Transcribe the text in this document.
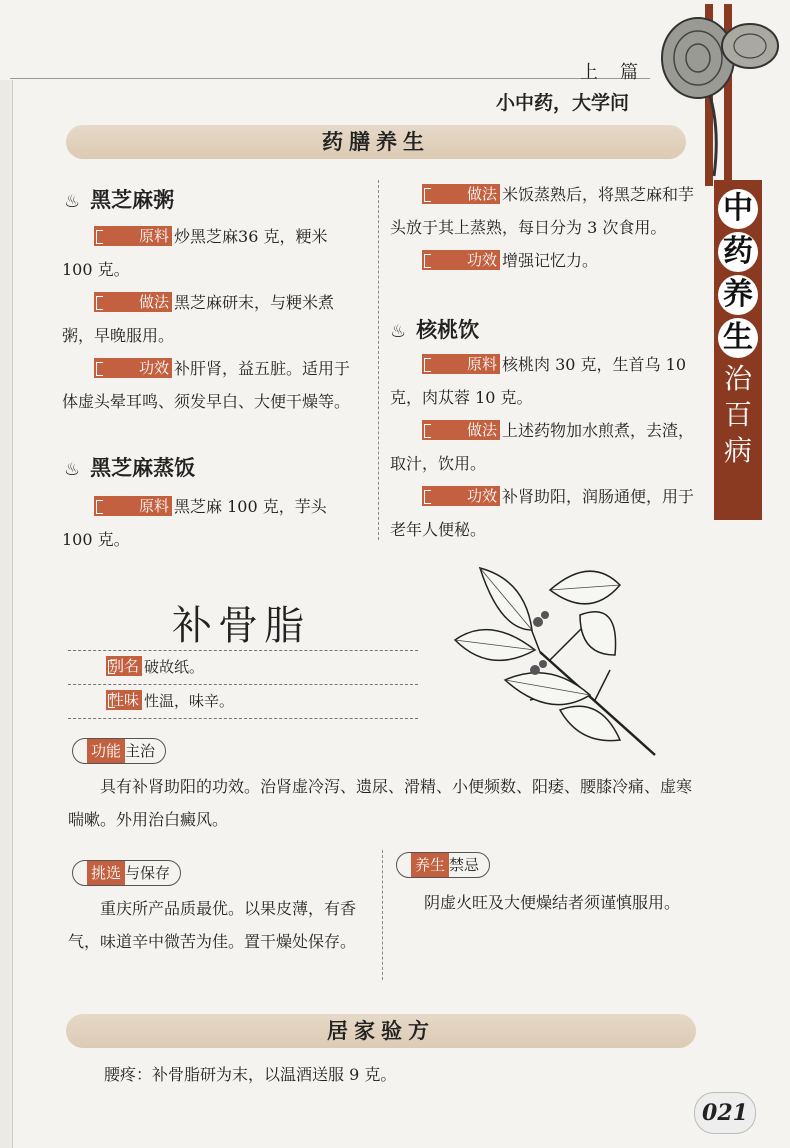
上　篇
小中药，大学问
中
药
养
生
治
百
病
药膳养生
♨ 黑芝麻粥
原料 炒黑芝麻36 克，粳米 100 克。
做法 黑芝麻研末，与粳米煮粥，早晚服用。
功效 补肝肾，益五脏。适用于体虚头晕耳鸣、须发早白、大便干燥等。
♨ 黑芝麻蒸饭
原料 黑芝麻 100 克，芋头 100 克。
做法 米饭蒸熟后，将黑芝麻和芋头放于其上蒸熟，每日分为 3 次食用。
功效 增强记忆力。
♨ 核桃饮
原料 核桃肉 30 克，生首乌 10 克，肉苁蓉 10 克。
做法 上述药物加水煎煮，去渣，取汁，饮用。
功效 补肾助阳，润肠通便，用于老年人便秘。
补骨脂
别名 破故纸。
性味 性温，味辛。
功能 主治
具有补肾助阳的功效。治肾虚冷泻、遗尿、滑精、小便频数、阳痿、腰膝冷痛、虚寒喘嗽。外用治白癜风。
挑选 与保存
重庆所产品质最优。以果皮薄，有香气，味道辛中微苦为佳。置干燥处保存。
养生 禁忌
阴虚火旺及大便燥结者须谨慎服用。
居家验方
腰疼：补骨脂研为末，以温酒送服 9 克。
021
